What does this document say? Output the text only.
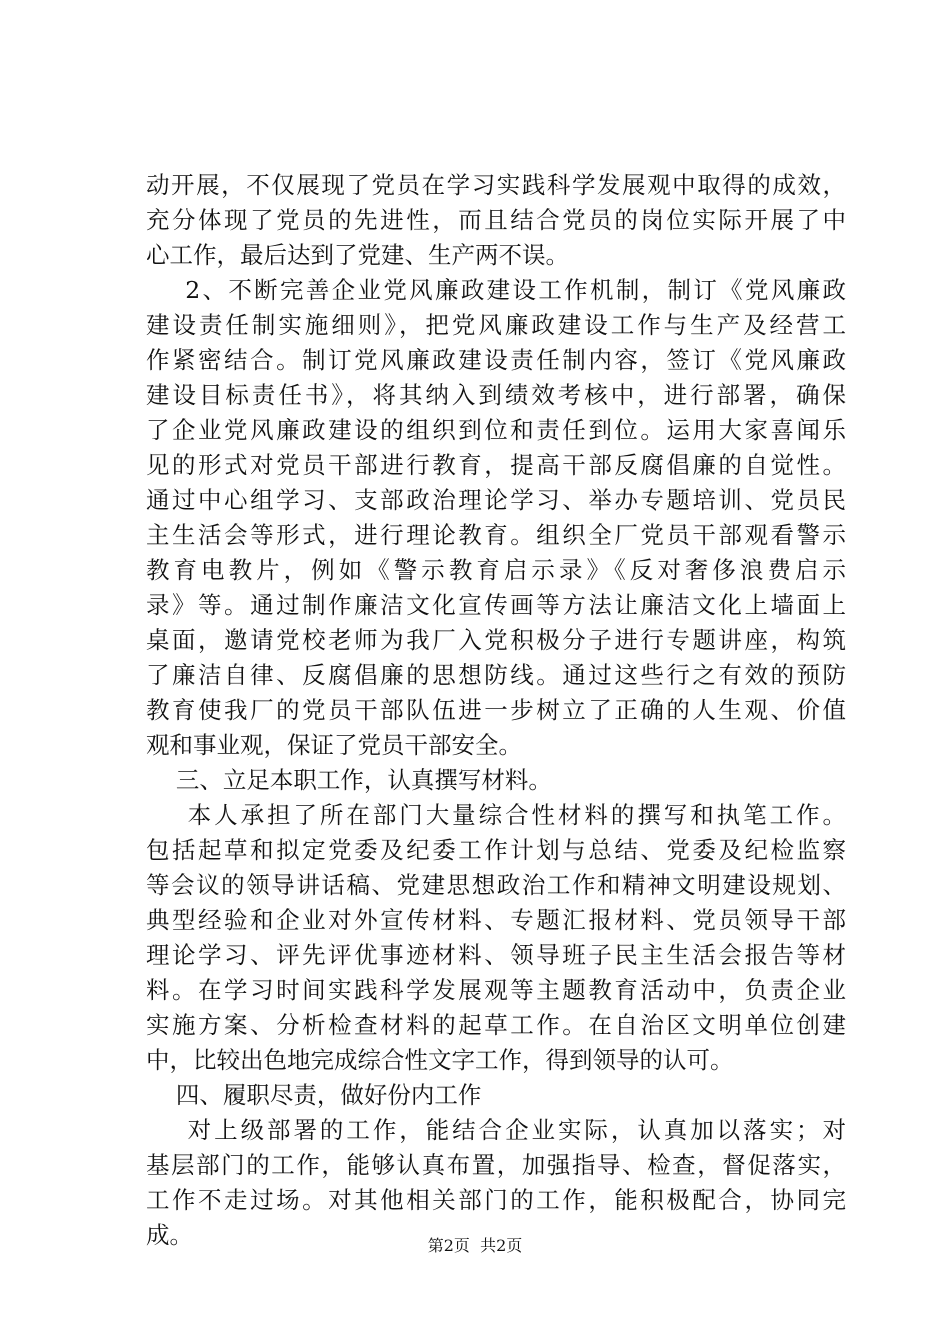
动开展，不仅展现了党员在学习实践科学发展观中取得的成效，
充分体现了党员的先进性，而且结合党员的岗位实际开展了中
心工作，最后达到了党建、生产两不误。
2、不断完善企业党风廉政建设工作机制，制订《党风廉政
建设责任制实施细则》，把党风廉政建设工作与生产及经营工
作紧密结合。制订党风廉政建设责任制内容，签订《党风廉政
建设目标责任书》，将其纳入到绩效考核中，进行部署，确保
了企业党风廉政建设的组织到位和责任到位。运用大家喜闻乐
见的形式对党员干部进行教育，提高干部反腐倡廉的自觉性。
通过中心组学习、支部政治理论学习、举办专题培训、党员民
主生活会等形式，进行理论教育。组织全厂党员干部观看警示
教育电教片，例如《警示教育启示录》《反对奢侈浪费启示
录》等。通过制作廉洁文化宣传画等方法让廉洁文化上墙面上
桌面，邀请党校老师为我厂入党积极分子进行专题讲座，构筑
了廉洁自律、反腐倡廉的思想防线。通过这些行之有效的预防
教育使我厂的党员干部队伍进一步树立了正确的人生观、价值
观和事业观，保证了党员干部安全。
三、立足本职工作，认真撰写材料。
本人承担了所在部门大量综合性材料的撰写和执笔工作。
包括起草和拟定党委及纪委工作计划与总结、党委及纪检监察
等会议的领导讲话稿、党建思想政治工作和精神文明建设规划、
典型经验和企业对外宣传材料、专题汇报材料、党员领导干部
理论学习、评先评优事迹材料、领导班子民主生活会报告等材
料。在学习时间实践科学发展观等主题教育活动中，负责企业
实施方案、分析检查材料的起草工作。在自治区文明单位创建
中，比较出色地完成综合性文字工作，得到领导的认可。
四、履职尽责，做好份内工作
对上级部署的工作，能结合企业实际，认真加以落实；对
基层部门的工作，能够认真布置，加强指导、检查，督促落实，
工作不走过场。对其他相关部门的工作，能积极配合，协同完
成。	第2页  共2页
